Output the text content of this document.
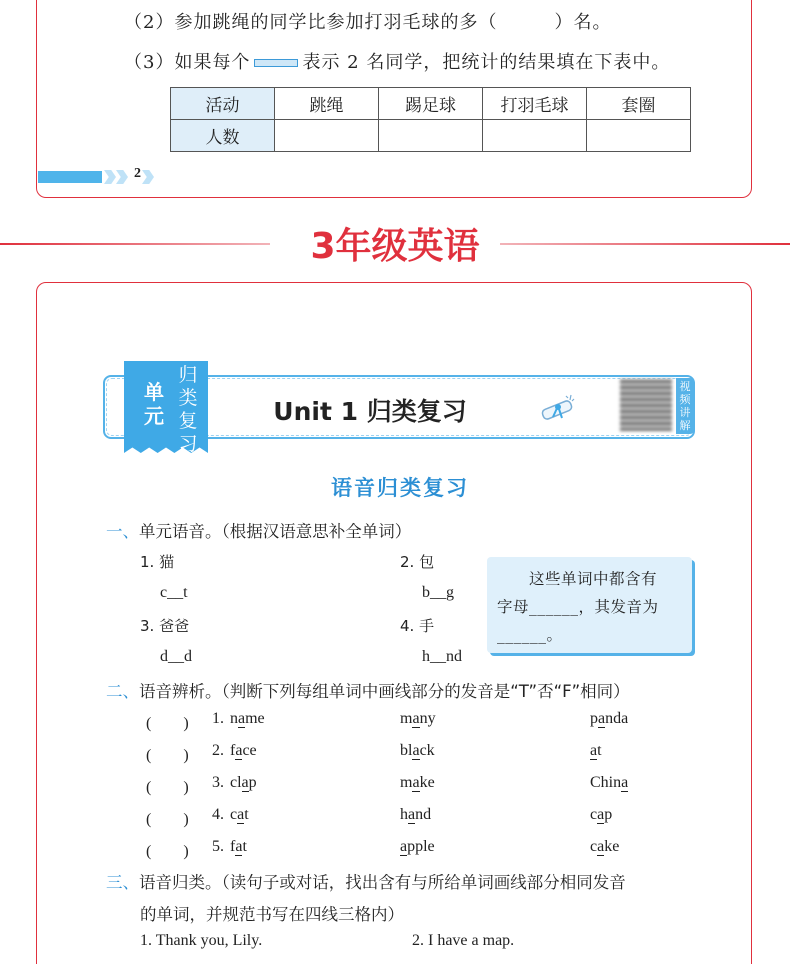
（2）参加跳绳的同学比参加打羽毛球的多（　　　）名。
（3）如果每个	表示 2 名同学，把统计的结果填在下表中。
活动	跳绳	踢足球	打羽毛球	套圈
人数				
2
3年级英语
单
元
归
类
复
习
Unit 1 归类复习
视
频
讲
解
语音归类复习
一、单元语音。（根据汉语意思补全单词）
1. 猫	2. 包
c__t	b__g
3. 爸爸	4. 手
d__d	h__nd
这些单词中都含有
字母______，其发音为
______。
二、语音辨析。（判断下列每组单词中画线部分的发音是“T”否“F”相同）
(　　) 1. name	many	panda
(　　) 2. face	black	at
(　　) 3. clap	make	China
(　　) 4. cat	hand	cap
(　　) 5. fat	apple	cake
三、语音归类。（读句子或对话，找出含有与所给单词画线部分相同发音
的单词，并规范书写在四线三格内）
1. Thank you, Lily.	2. I have a map.
